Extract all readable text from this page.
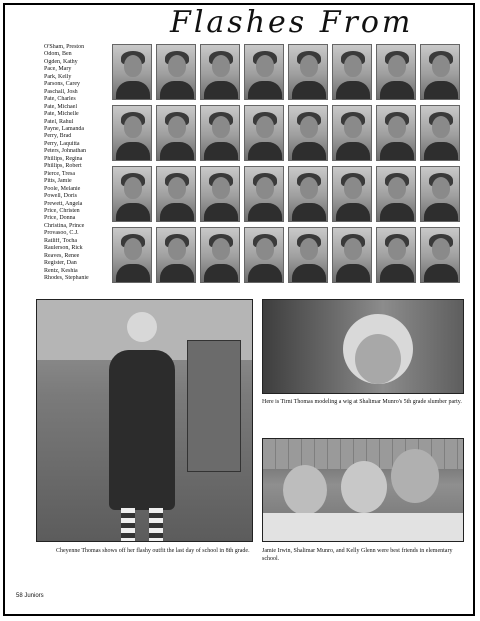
Flashes From
O'Sham, Preston
Odom, Ben
Ogden, Kathy
Pace, Mary
Park, Kelly
Parsons, Carey
Paschall, Josh
Pate, Charles
Pate, Michael
Pate, Michelle
Patel, Rahul
Payne, Lamanda
Perry, Brad
Perry, Laquitta
Peters, Johnathan
Phillips, Regina
Phillips, Robert
Pierce, Tresa
Pitts, Jamie
Poole, Melanie
Powell, Doris
Prewett, Angela
Price, Christen
Price, Donna
Christina, Prince
Provasoo, C.J.
Ratliff, Tocha
Raulerson, Rick
Reaves, Renee
Register, Dan
Rentz, Keshia
Rhodes, Stephanie
Cheyenne Thomas shows off her flashy outfit the last day of school in 8th grade.
Here is Tirni Thomas modeling a wig at Shalimar Munro's 5th grade slumber party.
Jamie Irwin, Shalimar Munro, and Kelly Glenn were best friends in elementary school.
58 Juniors
